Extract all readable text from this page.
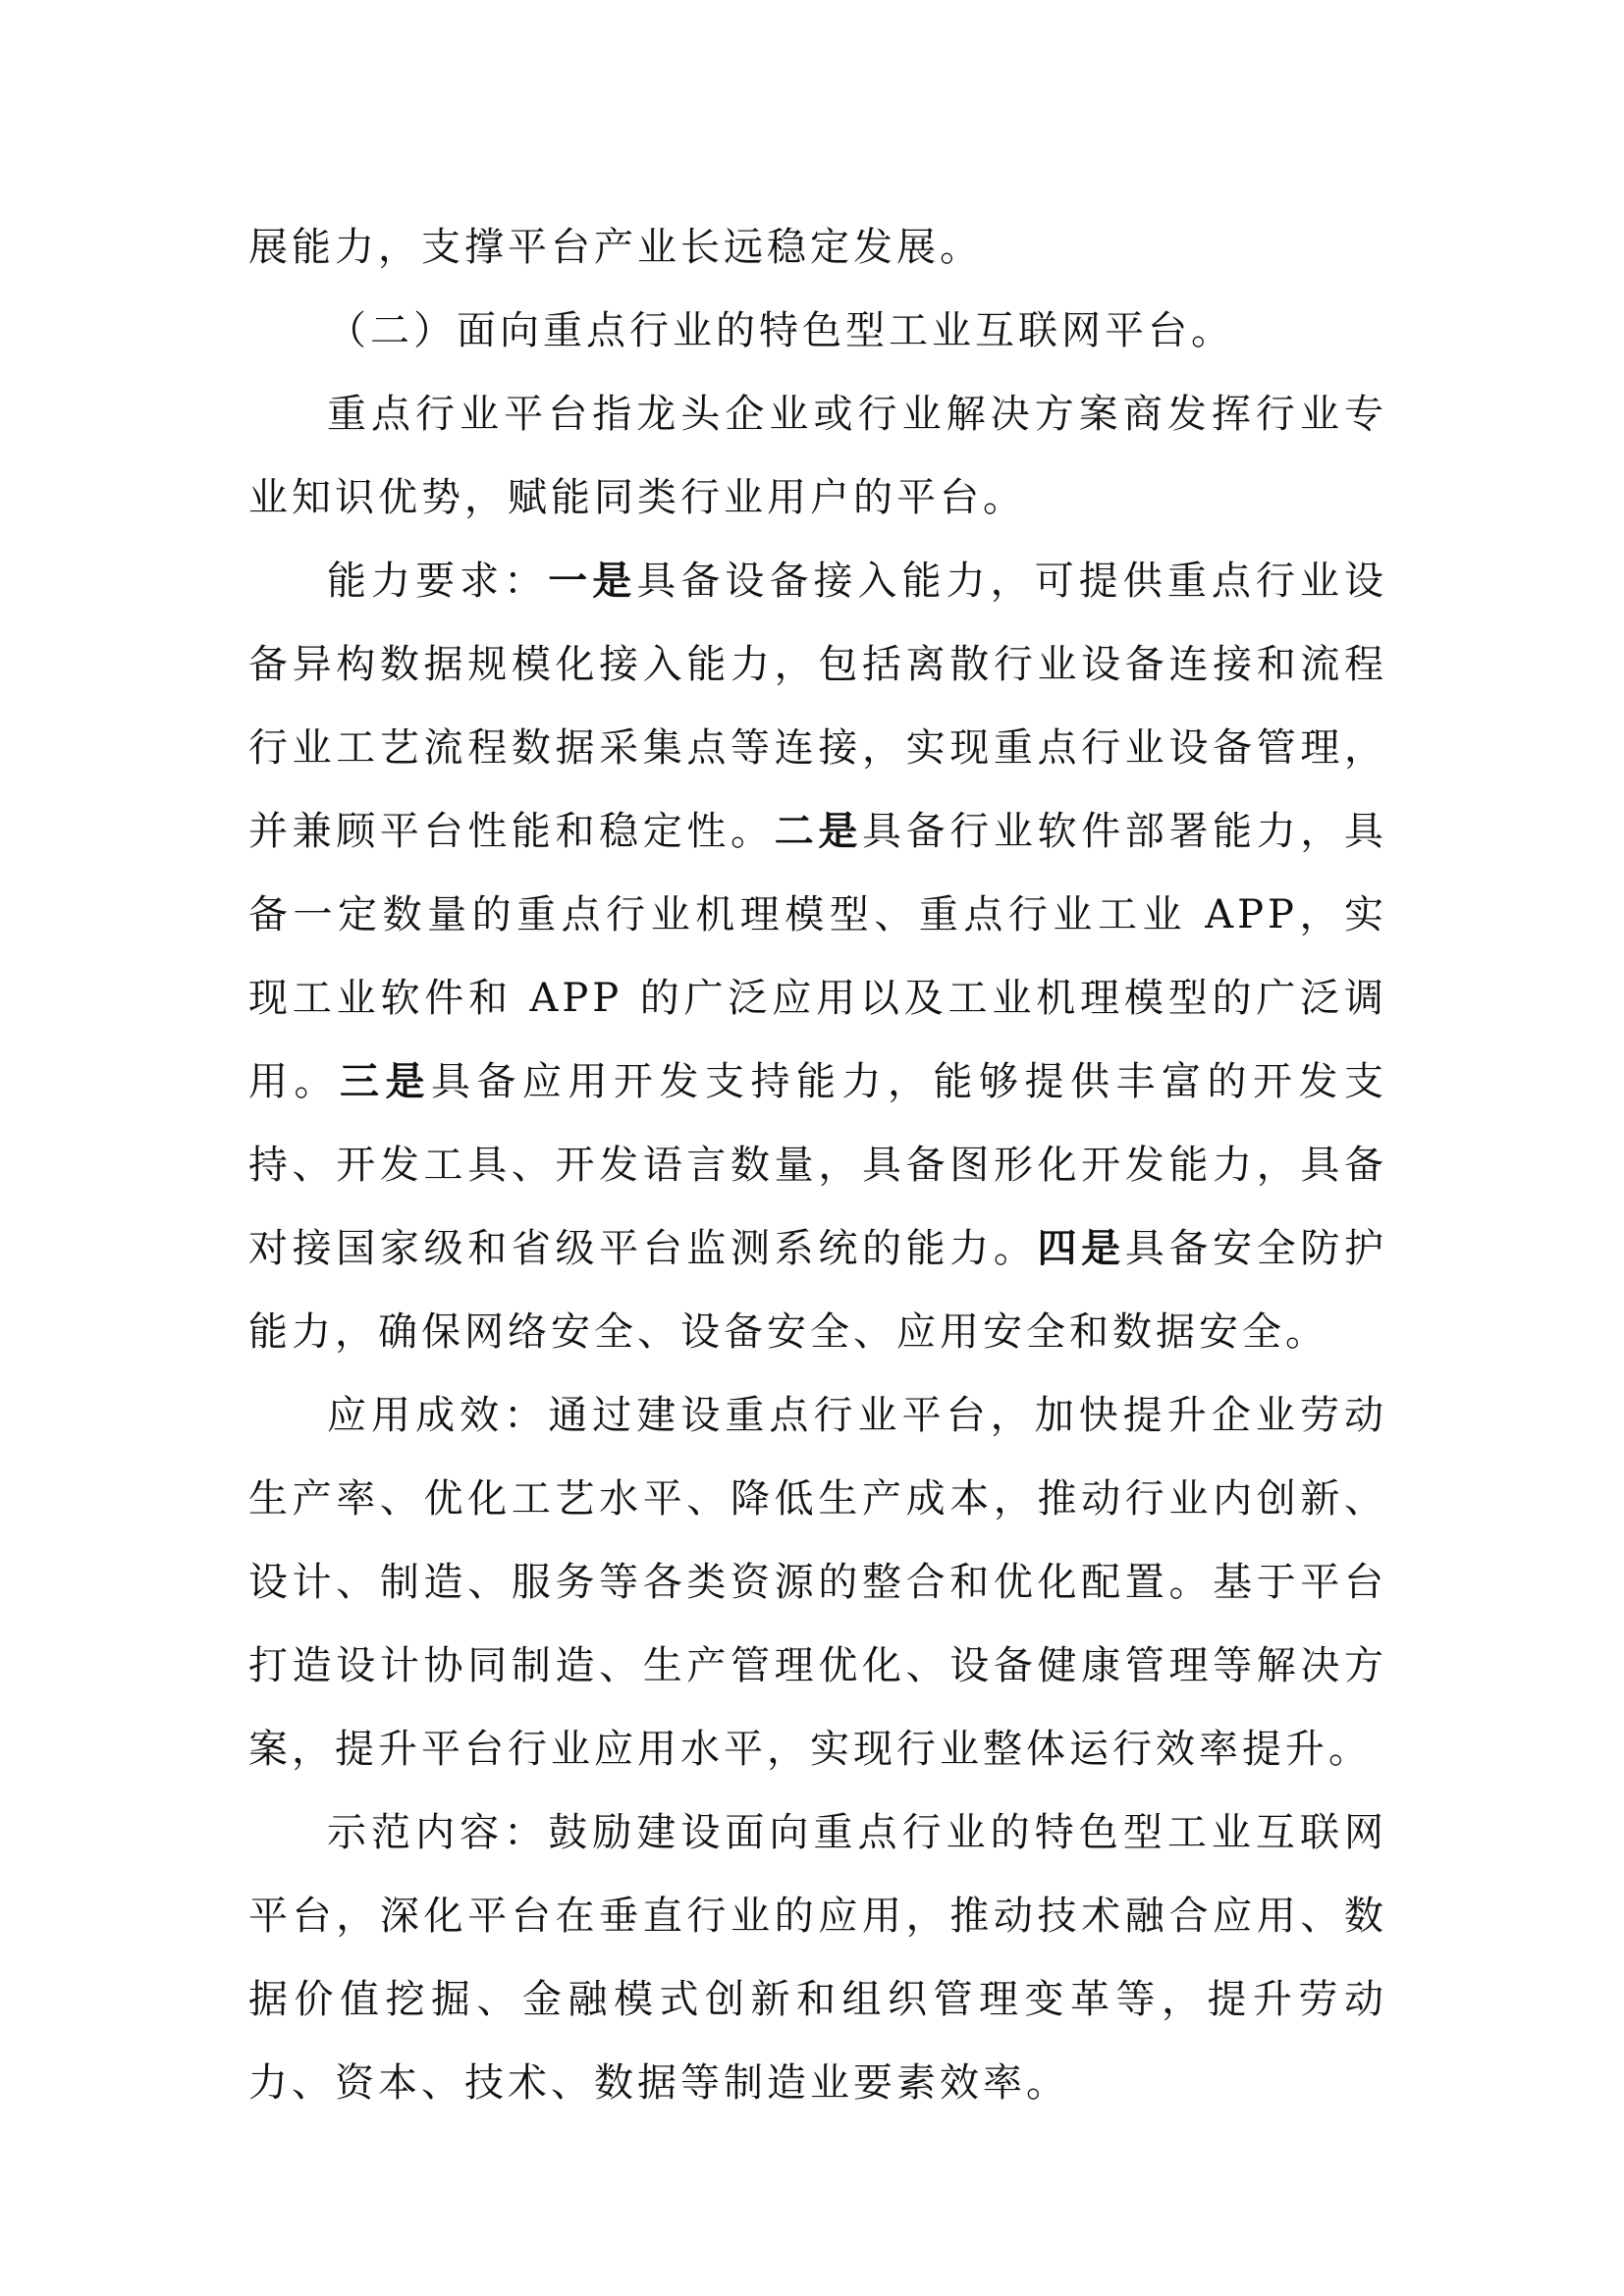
展能力，支撑平台产业长远稳定发展。

（二）面向重点行业的特色型工业互联网平台。

重点行业平台指龙头企业或行业解决方案商发挥行业专业知识优势，赋能同类行业用户的平台。

能力要求：一是具备设备接入能力，可提供重点行业设备异构数据规模化接入能力，包括离散行业设备连接和流程行业工艺流程数据采集点等连接，实现重点行业设备管理，并兼顾平台性能和稳定性。二是具备行业软件部署能力，具备一定数量的重点行业机理模型、重点行业工业 APP，实现工业软件和 APP 的广泛应用以及工业机理模型的广泛调用。三是具备应用开发支持能力，能够提供丰富的开发支持、开发工具、开发语言数量，具备图形化开发能力，具备对接国家级和省级平台监测系统的能力。四是具备安全防护能力，确保网络安全、设备安全、应用安全和数据安全。

应用成效：通过建设重点行业平台，加快提升企业劳动生产率、优化工艺水平、降低生产成本，推动行业内创新、设计、制造、服务等各类资源的整合和优化配置。基于平台打造设计协同制造、生产管理优化、设备健康管理等解决方案，提升平台行业应用水平，实现行业整体运行效率提升。

示范内容：鼓励建设面向重点行业的特色型工业互联网平台，深化平台在垂直行业的应用，推动技术融合应用、数据价值挖掘、金融模式创新和组织管理变革等，提升劳动力、资本、技术、数据等制造业要素效率。
